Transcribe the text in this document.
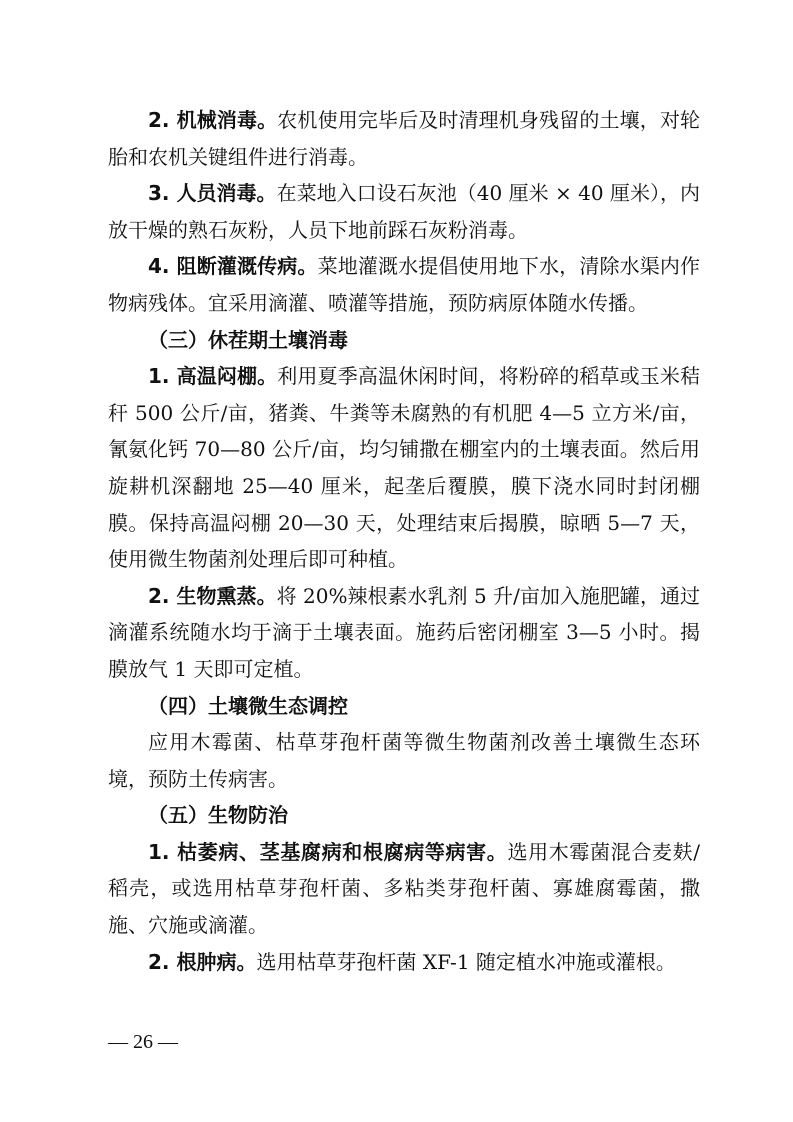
2. 机械消毒。农机使用完毕后及时清理机身残留的土壤，对轮胎和农机关键组件进行消毒。

3. 人员消毒。在菜地入口设石灰池（40 厘米 × 40 厘米），内放干燥的熟石灰粉，人员下地前踩石灰粉消毒。

4. 阻断灌溉传病。菜地灌溉水提倡使用地下水，清除水渠内作物病残体。宜采用滴灌、喷灌等措施，预防病原体随水传播。

（三）休茬期土壤消毒

1. 高温闷棚。利用夏季高温休闲时间，将粉碎的稻草或玉米秸秆 500 公斤/亩，猪粪、牛粪等未腐熟的有机肥 4—5 立方米/亩，氰氨化钙 70—80 公斤/亩，均匀铺撒在棚室内的土壤表面。然后用旋耕机深翻地 25—40 厘米，起垄后覆膜，膜下浇水同时封闭棚膜。保持高温闷棚 20—30 天，处理结束后揭膜，晾晒 5—7 天，使用微生物菌剂处理后即可种植。

2. 生物熏蒸。将 20%辣根素水乳剂 5 升/亩加入施肥罐，通过滴灌系统随水均于滴于土壤表面。施药后密闭棚室 3—5 小时。揭膜放气 1 天即可定植。

（四）土壤微生态调控

应用木霉菌、枯草芽孢杆菌等微生物菌剂改善土壤微生态环境，预防土传病害。

（五）生物防治

1. 枯萎病、茎基腐病和根腐病等病害。选用木霉菌混合麦麸/稻壳，或选用枯草芽孢杆菌、多粘类芽孢杆菌、寡雄腐霉菌，撒施、穴施或滴灌。

2. 根肿病。选用枯草芽孢杆菌 XF-1 随定植水冲施或灌根。

— 26 —
